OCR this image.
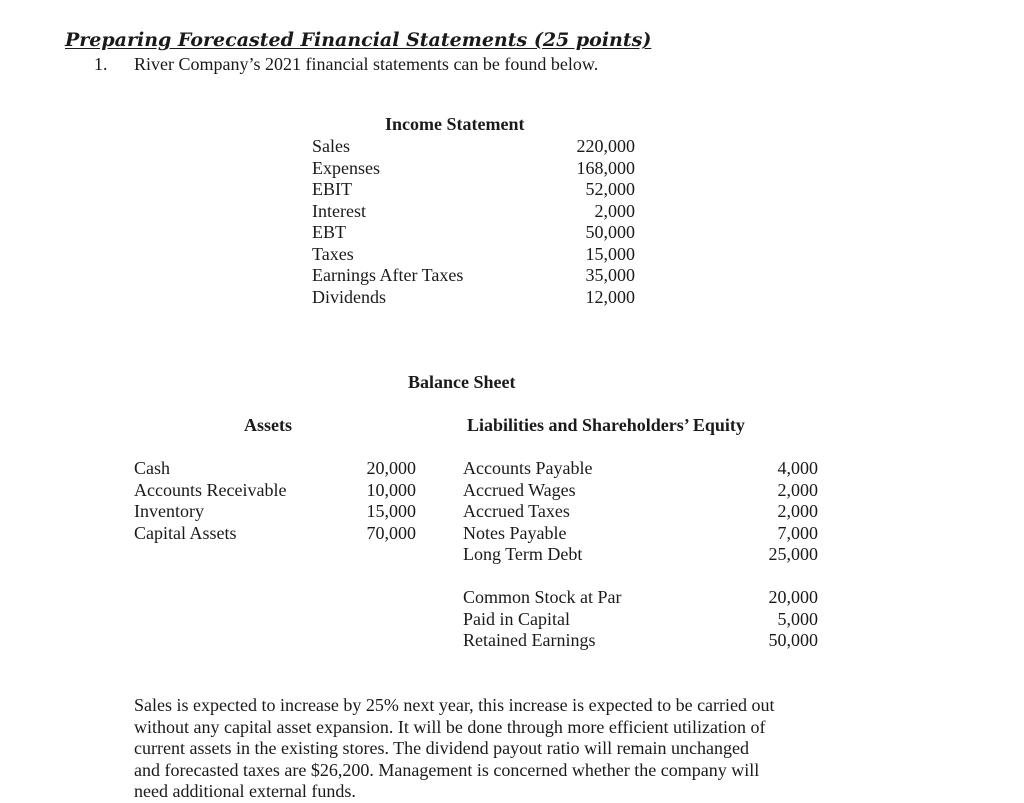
Preparing Forecasted Financial Statements (25 points)
1. River Company’s 2021 financial statements can be found below.
Income Statement
Sales
Expenses
EBIT
Interest
EBT
Taxes
Earnings After Taxes
Dividends
220,000
168,000
52,000
2,000
50,000
15,000
35,000
12,000
Balance Sheet
Assets	Liabilities and Shareholders’ Equity
Cash
Accounts Receivable
Inventory
Capital Assets
20,000
10,000
15,000
70,000
Accounts Payable
Accrued Wages
Accrued Taxes
Notes Payable
Long Term Debt
4,000
2,000
2,000
7,000
25,000
Common Stock at Par
Paid in Capital
Retained Earnings
20,000
5,000
50,000
Sales is expected to increase by 25% next year, this increase is expected to be carried out
without any capital asset expansion. It will be done through more efficient utilization of
current assets in the existing stores. The dividend payout ratio will remain unchanged
and forecasted taxes are $26,200. Management is concerned whether the company will
need additional external funds.
